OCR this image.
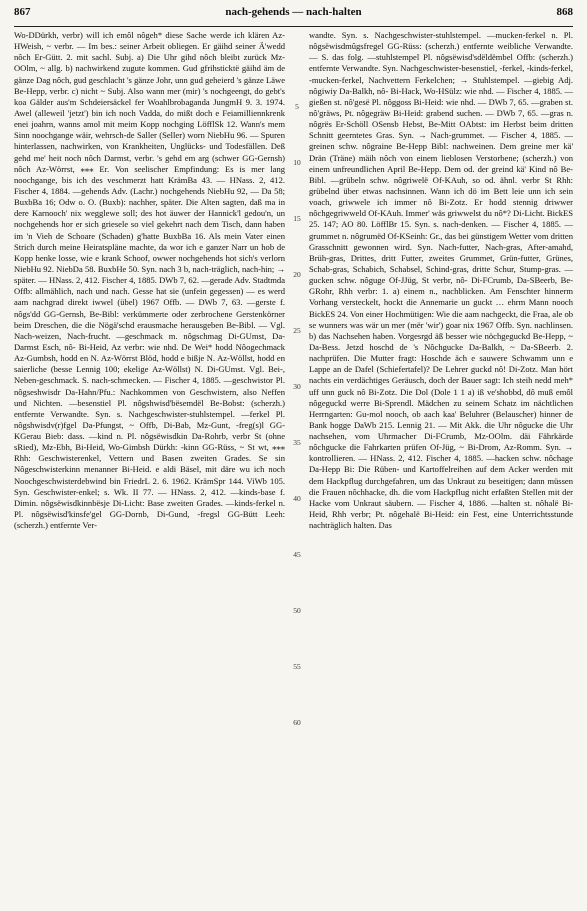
867	nach-gehends — nach-halten	868

Wo-DDürkh, verbr) will ich emôl nôgeh* diese Sache werde ich klären Az-HWeish, ~ verbr. — Im bes.: seiner Arbeit obliegen. Er gäihd seiner Ä'wedd nôch Er-Gütt. 2. mit sachl. Subj. a) Die Uhr gihd nôch bleibt zurück Mz-OOlm, ~ allg. b) nachwirkend zugute kommen. Gud gfrihsticktë gäihd äm de gänze Dag nôch, gud geschlacht 's gänze Johr, unn gud geheierd 's gänze Läwe Be-Hepp, verbr. c) nicht ~ Subj. Also wann mer (mir) 's nochgeengt, do gebt's koa Gälder aus'm Schdeiersäckel fer Woahlbrobaganda JungmH 9. 3. 1974. Awel (alleweil 'jetzt') bin ich noch Vadda, do mißt doch e Feiamilliennkrenk enei joahrn, wanns amol mit meim Kopp nochging LöfflSk 12. Wann's mem Sinn noochgange wäir, wehrsch-de Saller (Seller) worn NiebHu 96. — Spuren hinterlassen, nachwirken, von Krankheiten, Unglücks- und Todesfällen. Deß gehd me' heit noch nôch Darmst, verbr. 's gehd em arg (schwer GG-Gernsh) nôch Az-Wörrst, ⁎⁎⁎ Er. Von seelischer Empfindung: Es is mer lang noochgange, bis ich des veschmerzt hatt KrämBa 43. — HNass. 2, 412. Fischer 4, 1884. —gehends Adv. (Lachr.) nochgehends NiebHu 92, — Da 58; BuxbBa 16; Odw o. O. (Buxb): nachher, später. Die Alten sagten, daß ma in dere Karnooch' nix wegglewe soll; des hot äuwer der Hannick'l gedou'n, un nochgehends hor er sich griesele so viel gekehrt nach dem Tisch, dann haben im 'n Vieh de Schoare (Schaden) g'hatte BuxbBa 16. Als mein Vater einen Strich durch meine Heiratspläne machte, da wor ich e ganzer Narr un hob de Kopp henke losse, wie e krank Schoof, owwer nochgehends hot sich's verlorn NiebHu 92. NiebDa 58. BuxbHe 50. Syn. nach 3 b, nach-träglich, nach-hin; → später. — HNass. 2, 412. Fischer 4, 1885. DWb 7, 62. —gerade Adv. Stadtmda Offb: allmählich, nach und nach. Gesse hat sie (unfein gegessen) — es werd aam nachgrad direkt iwwel (übel) 1967 Offb. — DWb 7, 63. —gerste f. nôgs'dd GG-Gernsh, Be-Bibl: verkümmerte oder zerbrochene Gerstenkörner beim Dreschen, die die Nögä'schd erausmache herausgeben Be-Bibl. — Vgl. Nach-weizen, Nach-frucht. —geschmack m. nôgschmag Di-GUmst, Da-Darmst Esch, nô- Bi-Heid, Az verbr: wie nhd. De Wei* hodd Nôogechmack Az-Gumbsh, hodd en N. Az-Wörrst Blöd, hodd e bißje N. Az-Wöllst, hodd en saierliche (besse Lennig 100; ekelige Az-Wöllst) N. Di-GUmst. Vgl. Bei-, Neben-geschmack. S. nach-schmecken. — Fischer 4, 1885. —geschwistor Pl. nôgseshwisdr Da-Hahn/Pfu.: Nachkommen von Geschwistern, also Neffen und Nichten. —besenstiel Pl. nôgshwisd'bësemdël Be-Bobst: (scherzh.) entfernte Verwandte. Syn. s. Nachgeschwister-stuhlstempel. —ferkel Pl. nôgshwisdv(r)fgel Da-Pfungst, ~ Offb, Di-Bab, Mz-Gunt, -freg(s)l GG-KGerau Bieb: dass. —kind n. Pl. nôgsëwisdkin Da-Rohrb, verbr St (ohne sRied), Mz-Ebh, Bi-Heid, Wo-Gimbsh Dürkh: -kinn GG-Rüss, ~ St wt, ⁎⁎⁎ Rhh: Geschwisterenkel, Vettern und Basen zweiten Grades. Se sin Nôgeschwisterkinn menanner Bi-Heid. e aldi Bäsel, mit däre wu ich noch Noochgeschwisterdebwind bin FriedrL 2. 6. 1962. KrämSpr 144. ViWb 105. Syn. Geschwister-enkel; s. Wk. II 77. — HNass. 2, 412. —kinds-base f. Dimin. nôgsëwisdkinnbësje Di-Licht: Base zweiten Grades. —kinds-ferkel n. Pl. nôgsëwisd'kinsfe'gel GG-Dornb, Di-Gund, -fregsl GG-Bütt Leeh: (scherzh.) entfernte Ver-

5
10
15
20
25
30
35
40
45
50
55
60

wandte. Syn. s. Nachgeschwister-stuhlstempel. —mucken-ferkel n. Pl. nôgsëwisdmûgsfregel GG-Rüss: (scherzh.) entfernte weibliche Verwandte. — S. das folg. —stuhlstempel Pl. nôgsëwisd'sdëldëmbel Offb: (scherzh.) entfernte Verwandte. Syn. Nachgeschwister-besenstiel, -ferkel, -kinds-ferkel, -mucken-ferkel, Nachvettern Ferkelchen; → Stuhlstempel. —giebig Adj. nôgiwiy Da-Balkh, nô- Bi-Hack, Wo-HSülz: wie nhd. — Fischer 4, 1885. —gießen st. nô'gesë Pl. nôggoss Bi-Heid: wie nhd. — DWb 7, 65. —graben st. nô'gräws, Pt. nôgegräw Bi-Heid: grabend suchen. — DWb 7, 65. —gras n. nôgrës Er-Schöll OSensb Hebst, Be-Mitt OAbtst: im Herbst beim dritten Schnitt geerntetes Gras. Syn. → Nach-grummet. — Fischer 4, 1885. —greinen schw. nôgraine Be-Hepp Bibl: nachweinen. Dem greine mer kä' Drän (Träne) mäih nôch von einem lieblosen Verstorbene; (scherzh.) von einem unfreundlichen April Be-Hepp. Dem od. der greind kä' Kind nô Be-Bibl. —grübeln schw. nôgriwelë Of-KAuh, so od. ähnl. verbr St Rhh: grübelnd über etwas nachsinnen. Wann ich dö im Bett leie unn ich sein voach, griwwele ich immer nô Bi-Zotz. Er hodd stennig driwwer nôchgegriwweld Of-KAuh. Immer' wäs griwwelst du nô*? Di-Licht. BickES 25. 147; AO 80. LöfflBr 15. Syn. s. nach-denken. — Fischer 4, 1885. —grummet n. nôgrumëd Of-KSeinh: Gr., das bei günstigem Wetter vom dritten Grasschnitt gewonnen wird. Syn. Nach-futter, Nach-gras, After-amahd, Brüh-gras, Drittes, dritt Futter, zweites Grummet, Grün-futter, Grünes, Schab-gras, Schabich, Schabsel, Schind-gras, dritte Schur, Stump-gras. —gucken schw. nôguge Of-JJüg, St verbr, nô- Di-FCrumb, Da-SBeerb, Be-GRohr, Rhh verbr: 1. a) einem n., nachblicken. Am Fenschter hinnerm Vorhang versteckelt, hockt die Annemarie un guckt … ehrm Mann nooch BickES 24. Von einer Hochmütigen: Wie die aam nachgeckt, die Fraa, ale ob se wunners was wär un mer (mër 'wir') goar nix 1967 Offb. Syn. nachlinsen. b) das Nachsehen haben. Vorgesrgd äß besser wie nöchgeguckd Be-Hepp, ~ Da-Bess. Jetzd hoschd de 's Nôchgucke Da-Balkh, ~ Da-SBeerb. 2. nachprüfen. Die Mutter fragt: Hoschde äch e sauwere Schwamm unn e Lappe an de Dafel (Schiefertafel)? De Lehrer guckd nô! Di-Zotz. Man hört nachts ein verdächtiges Geräusch, doch der Bauer sagt: Ich steih nedd meh* uff unn guck nô Bi-Zotz. Die Dol (Dole 1 1 a) iß ve'shobbd, dô muß emôl nôgeguckd werre Bi-Sprendl. Mädchen zu seinem Schatz im nächtlichen Herrngarten: Gu-mol nooch, ob aach kaa' Beluhrer (Belauscher) hinner de Bank hogge DaWb 215. Lennig 21. — Mit Akk. die Uhr nôgucke die Uhr nachsehen, vom Uhrmacher Di-FCrumb, Mz-OOlm. däi Fährkärde nôchgucke die Fahrkarten prüfen Of-Jüg, ~ Bi-Drom, Az-Romm. Syn. → kontrollieren. — HNass. 2, 412. Fischer 4, 1885. —hacken schw. nôchage Da-Hepp Bi: Die Rüben- und Kartoffelreihen auf dem Acker werden mit dem Hackpflug durchgefahren, um das Unkraut zu beseitigen; dann müssen die Frauen nôchhacke, dh. die vom Hackpflug nicht erfaßten Stellen mit der Hacke vom Unkraut säubern. — Fischer 4, 1886. —halten st. nôhalë Bi-Heid, Rhh verbr; Pt. nôgehalë Bi-Heid: ein Fest, eine Unterrichtsstunde nachträglich halten. Das
